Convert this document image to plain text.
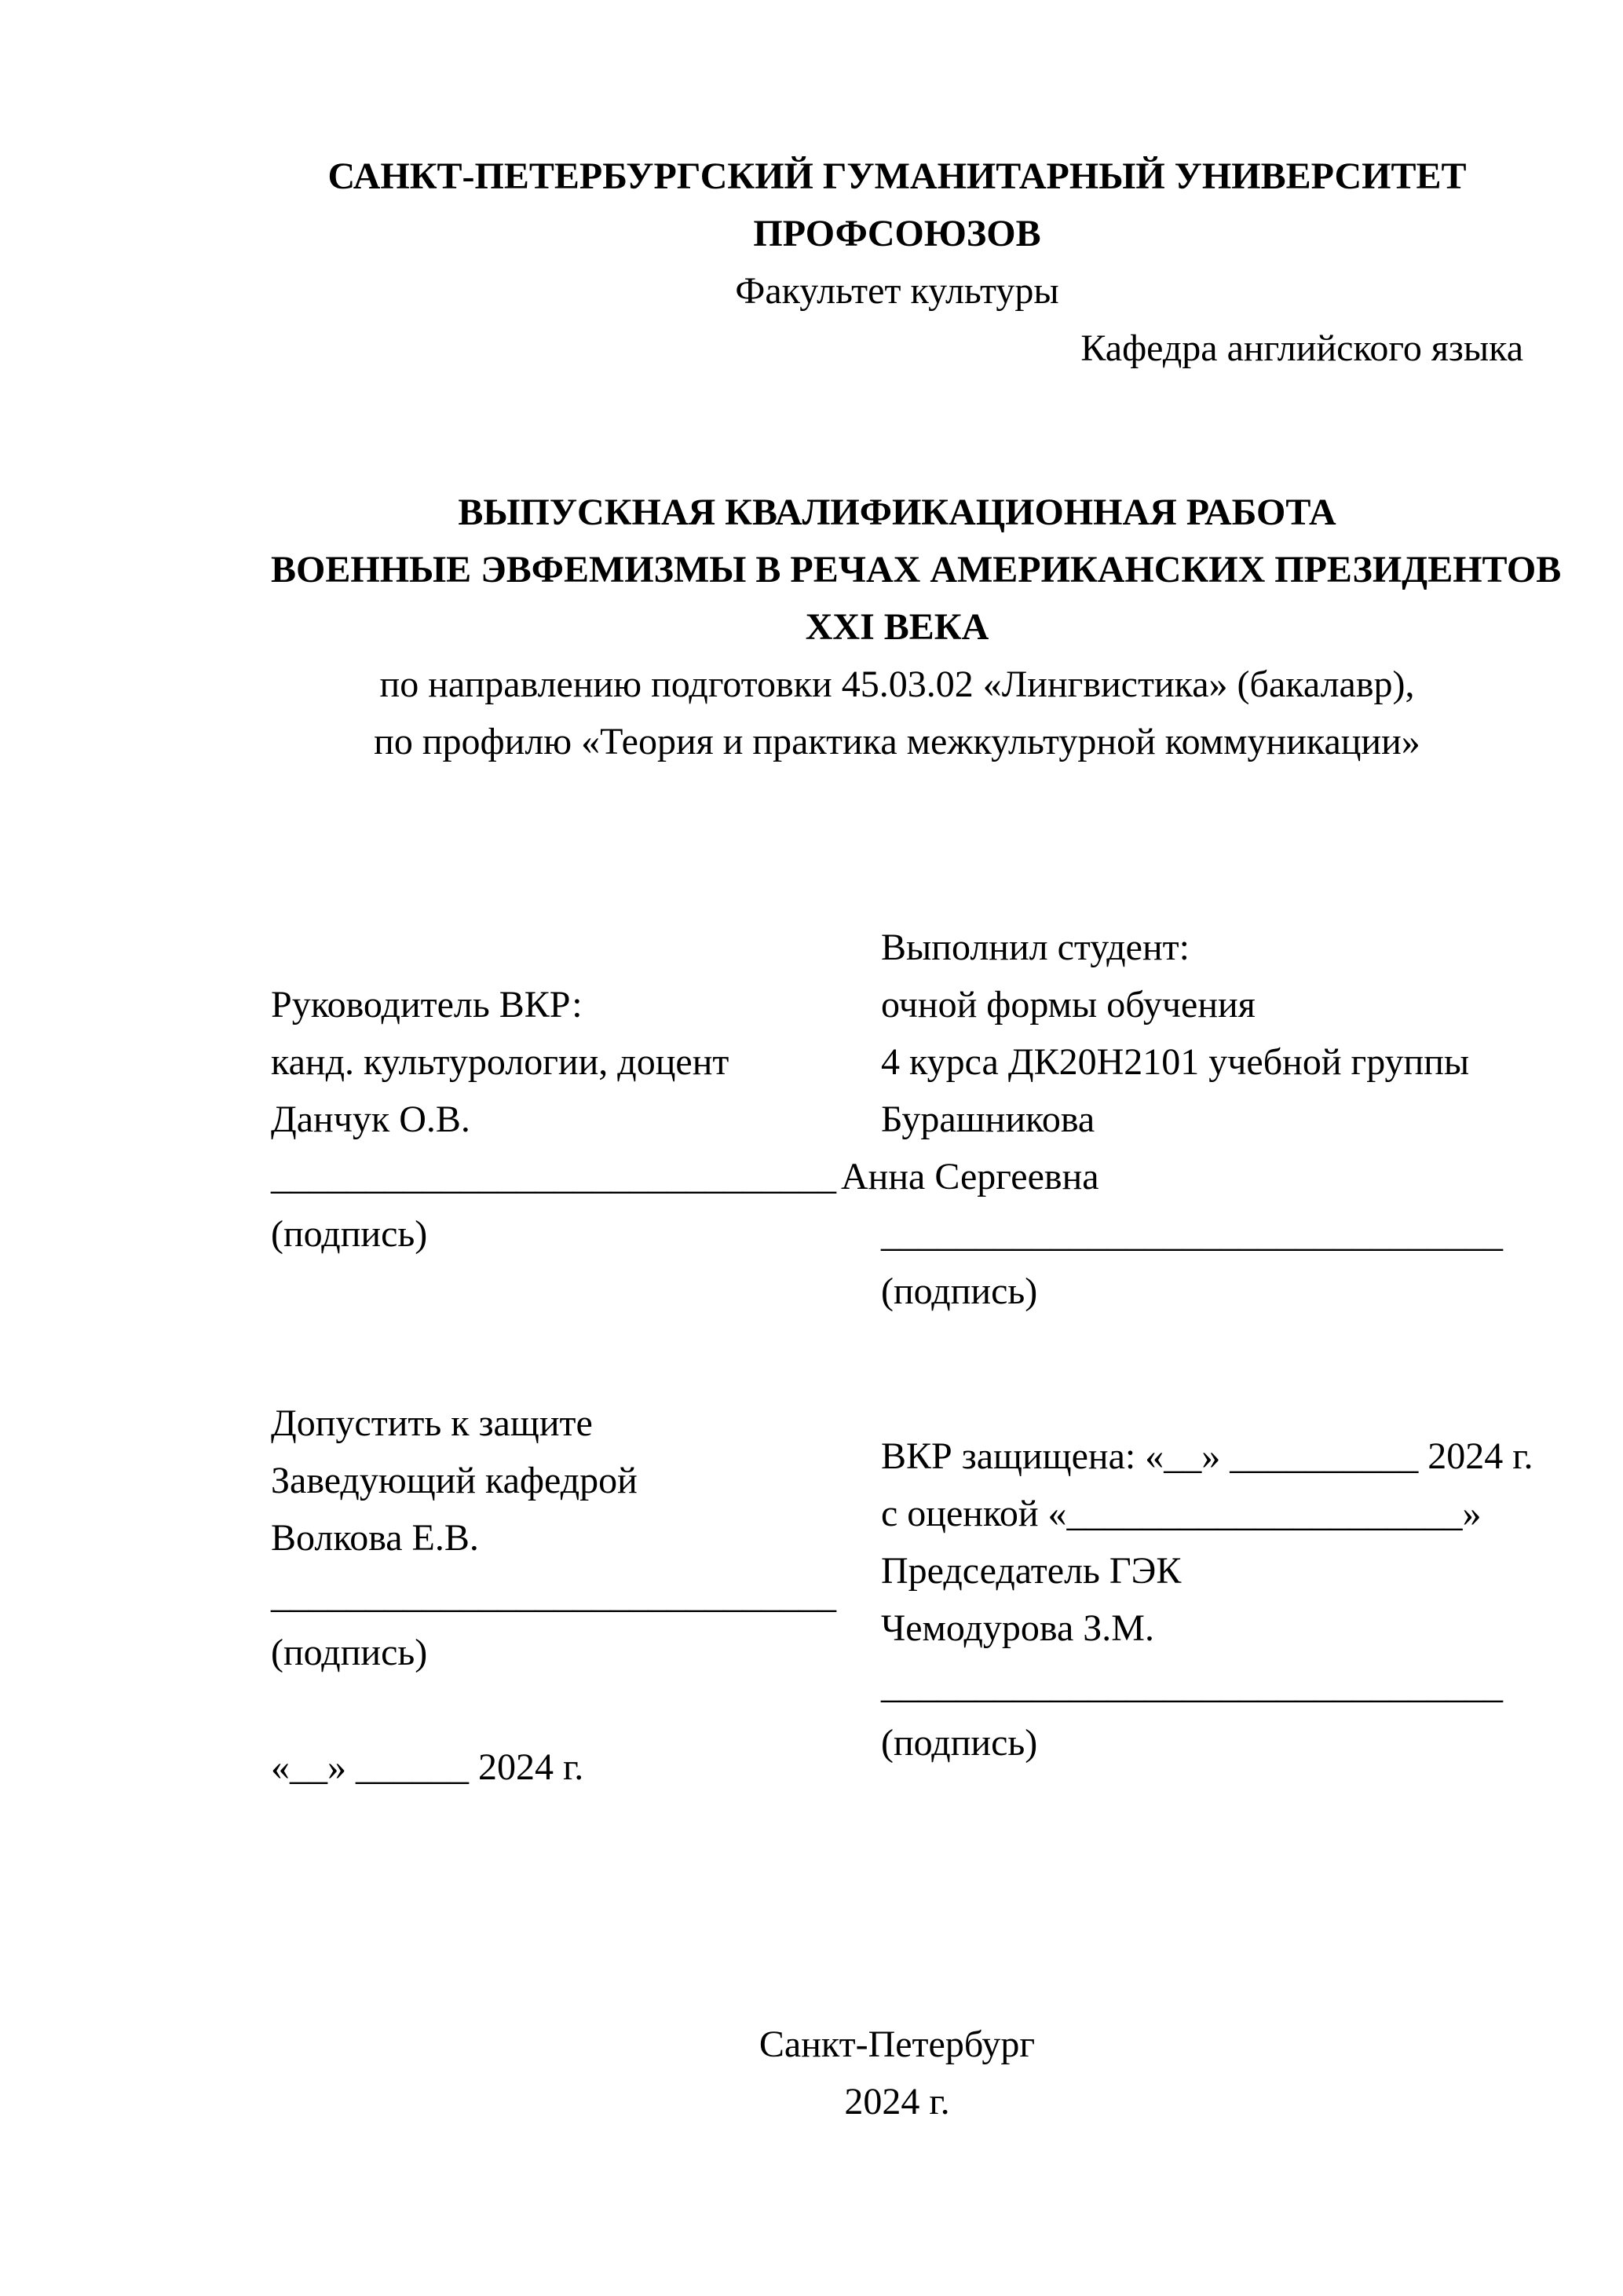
САНКТ-ПЕТЕРБУРГСКИЙ ГУМАНИТАРНЫЙ УНИВЕРСИТЕТ
ПРОФСОЮЗОВ
Факультет культуры
Кафедра английского языка
ВЫПУСКНАЯ КВАЛИФИКАЦИОННАЯ РАБОТА
ВОЕННЫЕ ЭВФЕМИЗМЫ В РЕЧАХ АМЕРИКАНСКИХ ПРЕЗИДЕНТОВ
XXI ВЕКА
по направлению подготовки 45.03.02 «Лингвистика» (бакалавр),
по профилю «Теория и практика межкультурной коммуникации»
Руководитель ВКР:
канд. культурологии, доцент
Данчук О.В.
______________________________
(подпись)
Выполнил студент:
очной формы обучения
4 курса ДК20Н2101 учебной группы
Бурашникова
Анна Сергеевна
_________________________________
(подпись)
Допустить к защите
Заведующий кафедрой
Волкова Е.В.
______________________________
(подпись)
«__» ______ 2024 г.
ВКР защищена: «__» __________ 2024 г.
с оценкой «_____________________»
Председатель ГЭК
Чемодурова З.М.
_________________________________
(подпись)
Санкт-Петербург
2024 г.
